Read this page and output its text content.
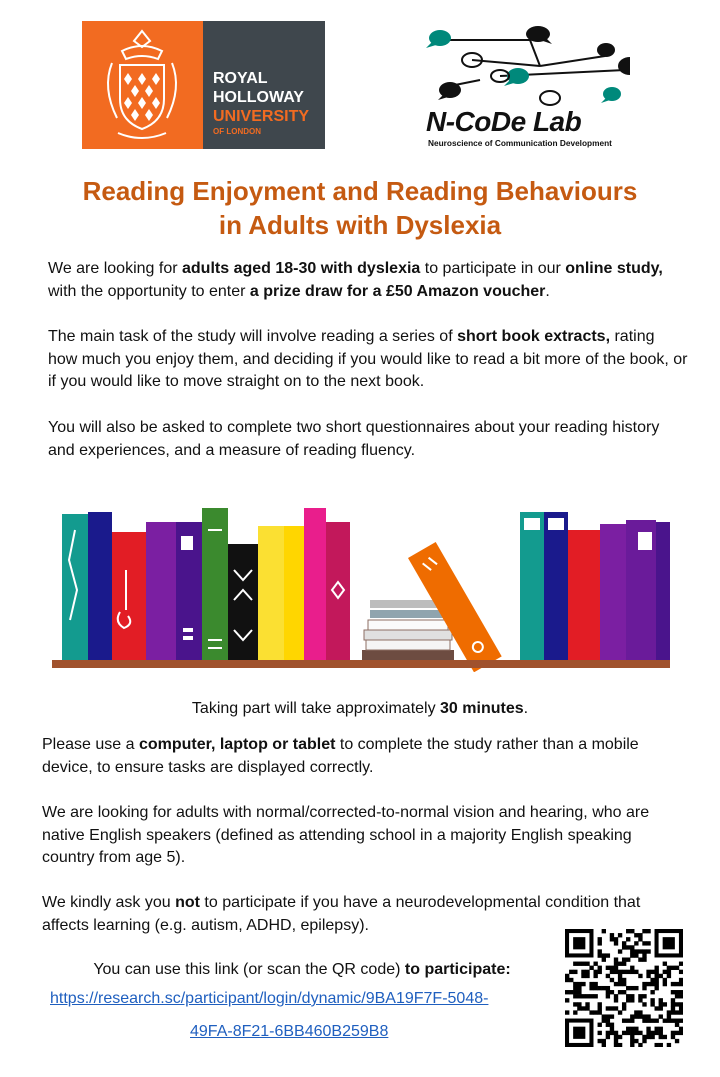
ROYAL
HOLLOWAY
UNIVERSITY
OF LONDON	N-CoDe Lab
Neuroscience of Communication Development
Reading Enjoyment and Reading Behaviours
in Adults with Dyslexia
We are looking for adults aged 18-30 with dyslexia to participate in our online study, with the opportunity to enter a prize draw for a £50 Amazon voucher.
The main task of the study will involve reading a series of short book extracts, rating how much you enjoy them, and deciding if you would like to read a bit more of the book, or if you would like to move straight on to the next book.
You will also be asked to complete two short questionnaires about your reading history and experiences, and a measure of reading fluency.
Taking part will take approximately 30 minutes.
Please use a computer, laptop or tablet to complete the study rather than a mobile device, to ensure tasks are displayed correctly.
We are looking for adults with normal/corrected-to-normal vision and hearing, who are native English speakers (defined as attending school in a majority English speaking country from age 5).
We kindly ask you not to participate if you have a neurodevelopmental condition that affects learning (e.g. autism, ADHD, epilepsy).
You can use this link (or scan the QR code) to participate:
https://research.sc/participant/login/dynamic/9BA19F7F-5048-
49FA-8F21-6BB460B259B8
